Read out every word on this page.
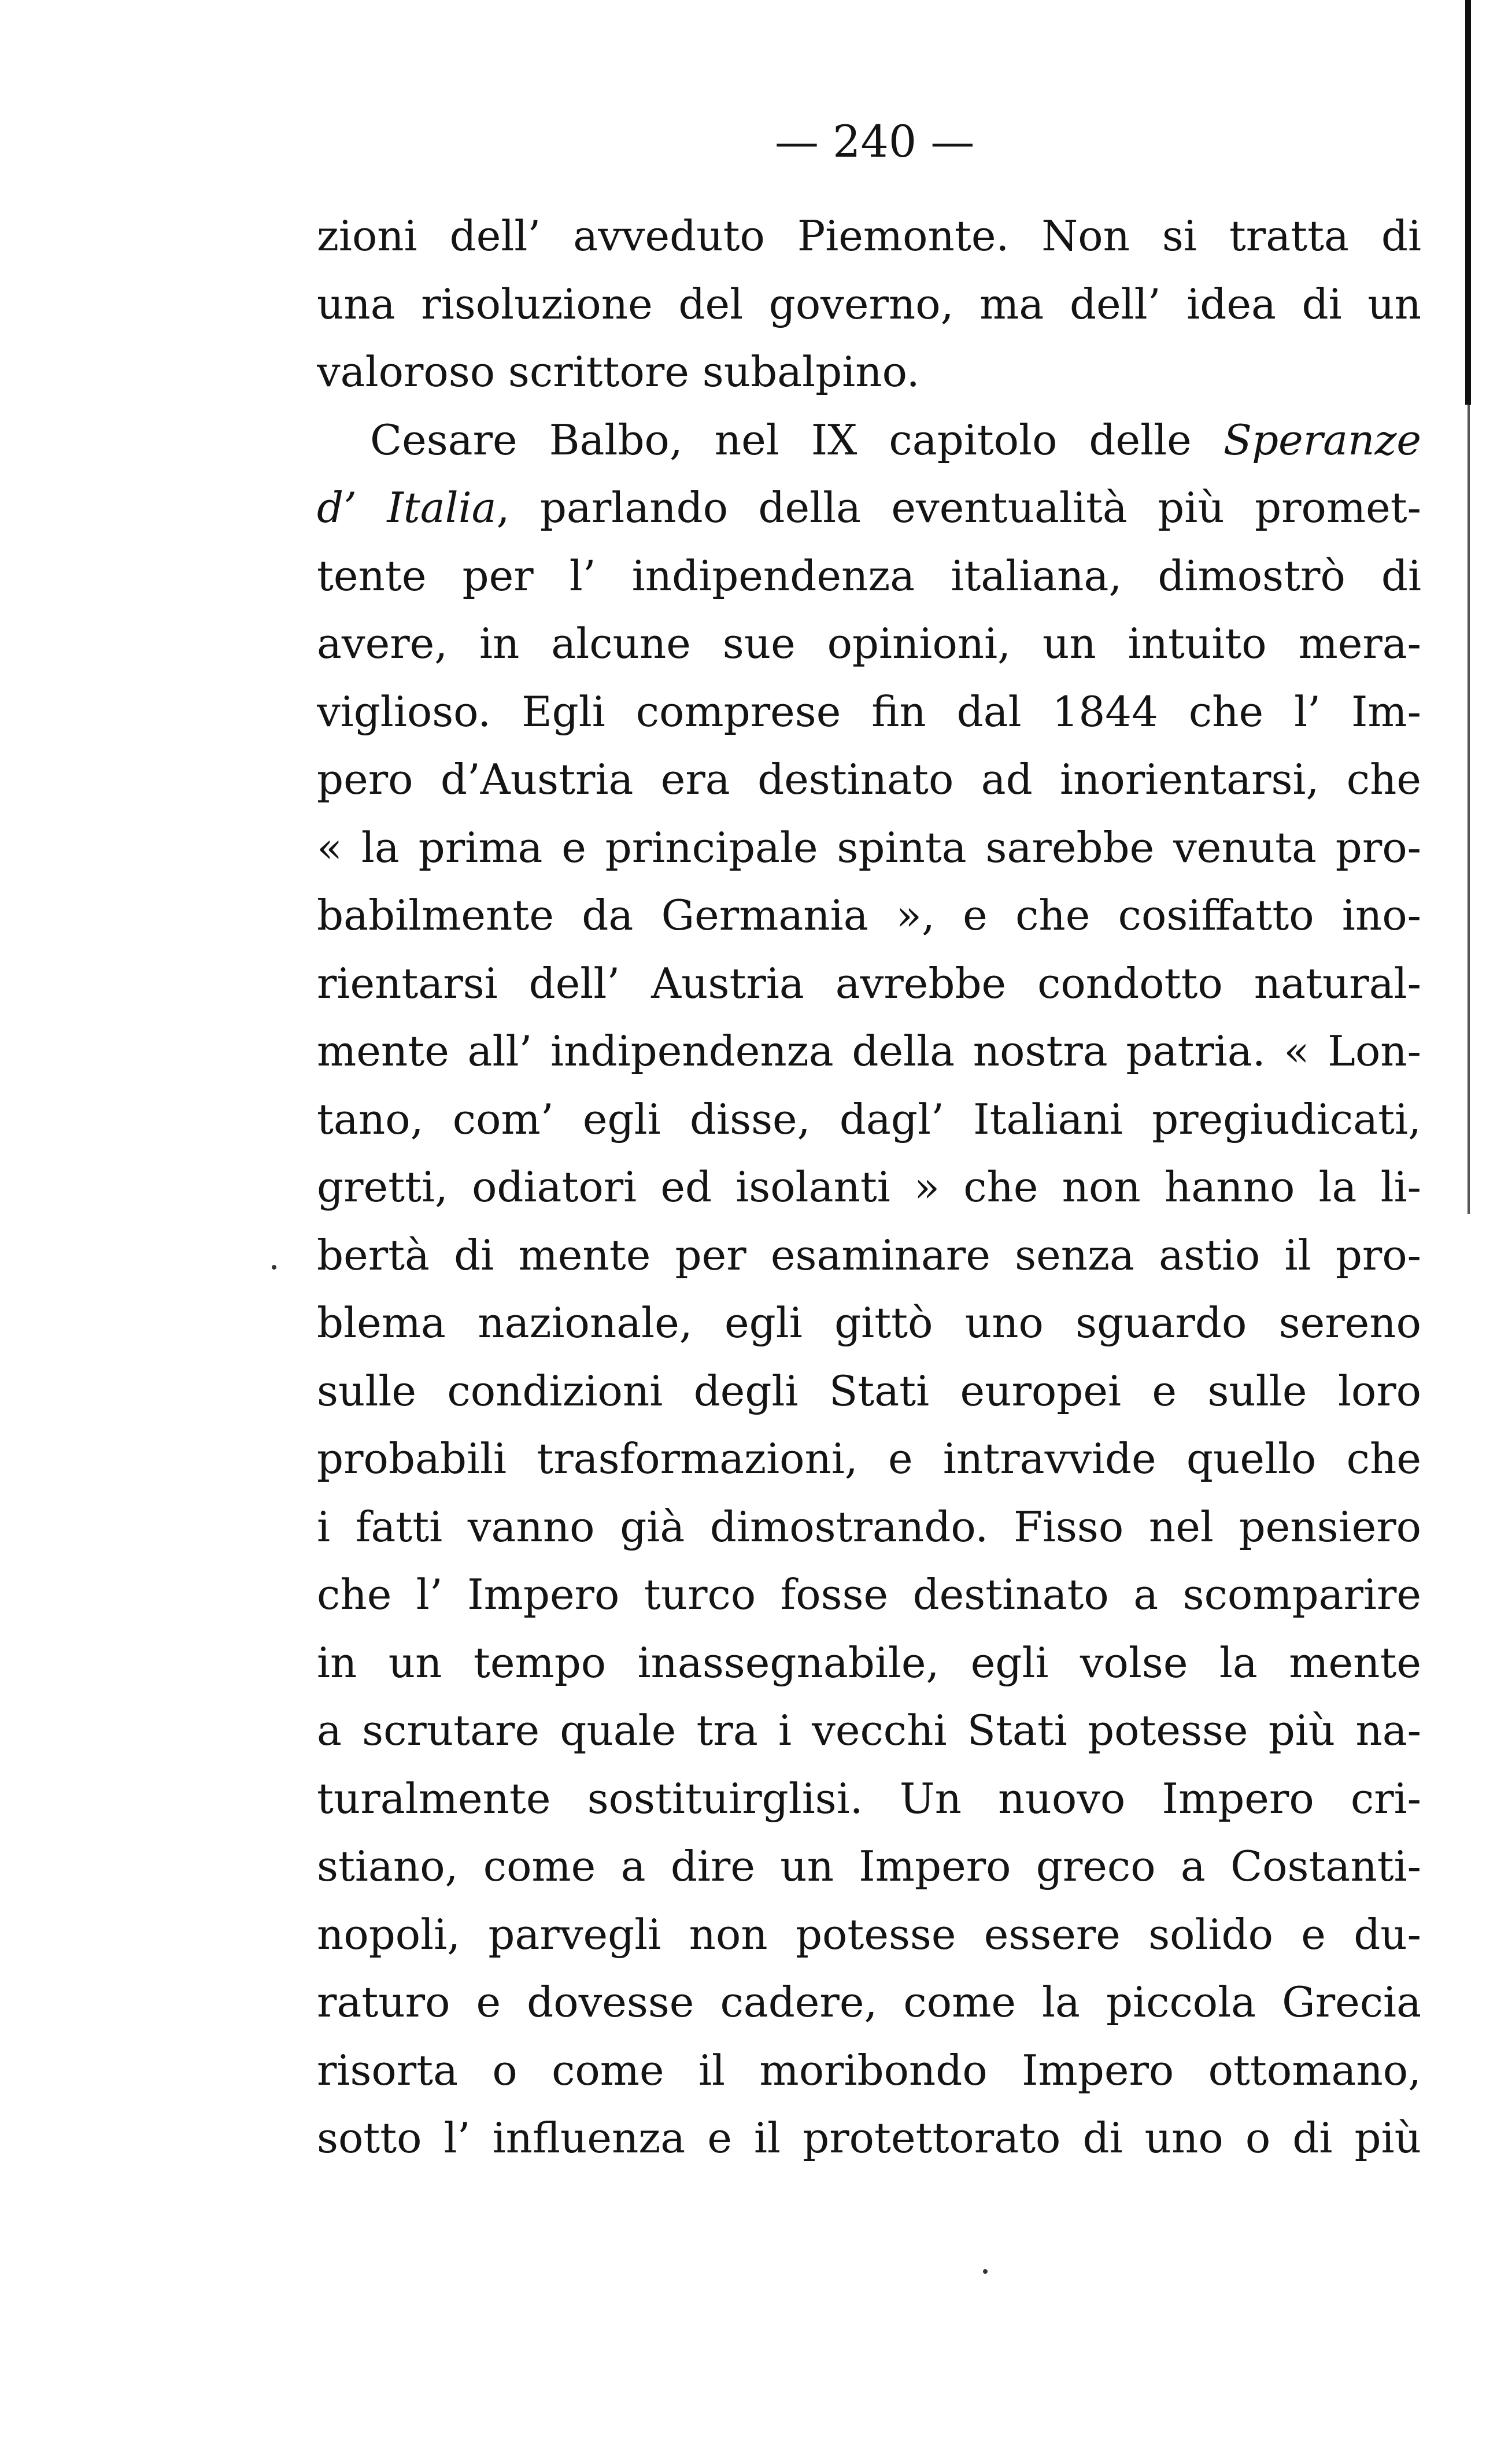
— 240 —
zioni dell’ avveduto Piemonte. Non si tratta di
una risoluzione del governo, ma dell’ idea di un
valoroso scrittore subalpino.
Cesare Balbo, nel IX capitolo delle Speranze
d’ Italia, parlando della eventualità più promet-
tente per l’ indipendenza italiana, dimostrò di
avere, in alcune sue opinioni, un intuito mera-
viglioso. Egli comprese fin dal 1844 che l’ Im-
pero d’Austria era destinato ad inorientarsi, che
« la prima e principale spinta sarebbe venuta pro-
babilmente da Germania », e che cosiffatto ino-
rientarsi dell’ Austria avrebbe condotto natural-
mente all’ indipendenza della nostra patria. « Lon-
tano, com’ egli disse, dagl’ Italiani pregiudicati,
gretti, odiatori ed isolanti » che non hanno la li-
bertà di mente per esaminare senza astio il pro-
blema nazionale, egli gittò uno sguardo sereno
sulle condizioni degli Stati europei e sulle loro
probabili trasformazioni, e intravvide quello che
i fatti vanno già dimostrando. Fisso nel pensiero
che l’ Impero turco fosse destinato a scomparire
in un tempo inassegnabile, egli volse la mente
a scrutare quale tra i vecchi Stati potesse più na-
turalmente sostituirglisi. Un nuovo Impero cri-
stiano, come a dire un Impero greco a Costanti-
nopoli, parvegli non potesse essere solido e du-
raturo e dovesse cadere, come la piccola Grecia
risorta o come il moribondo Impero ottomano,
sotto l’ influenza e il protettorato di uno o di più
